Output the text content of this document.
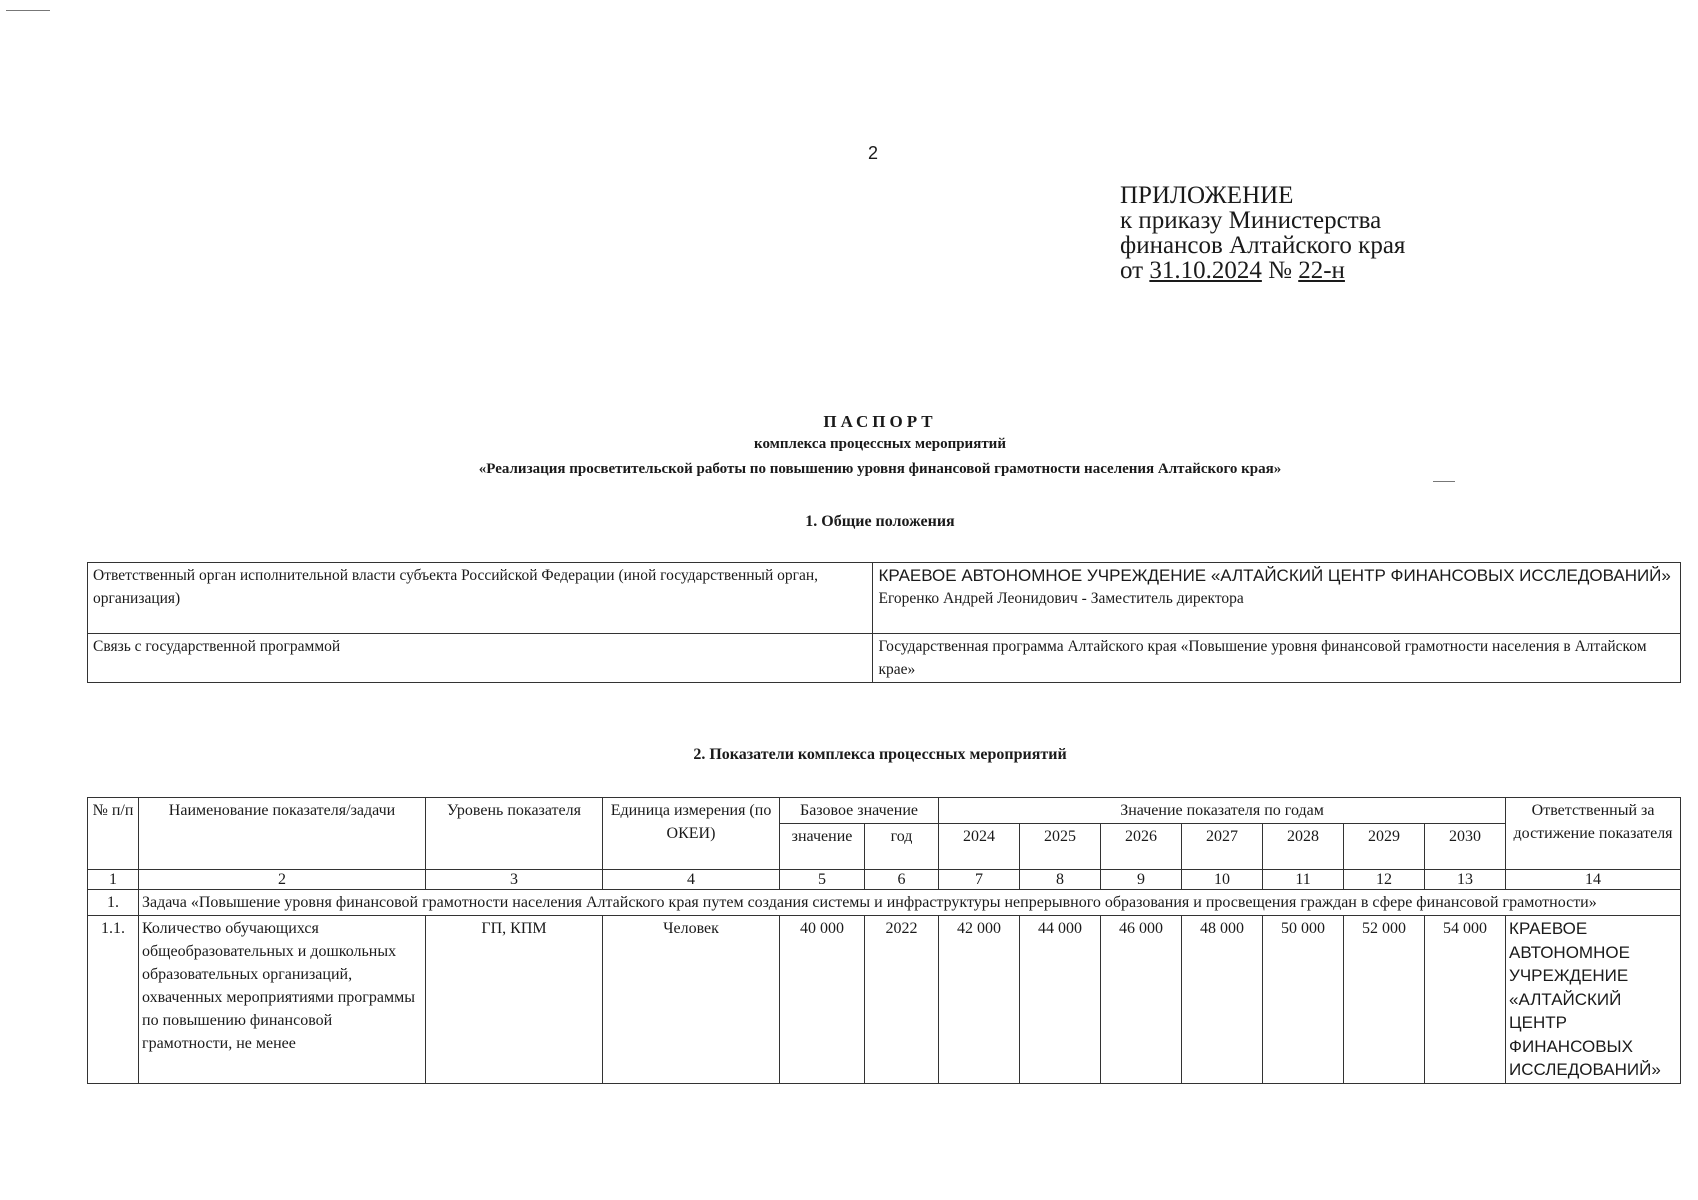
2
ПРИЛОЖЕНИЕ
к приказу Министерства
финансов Алтайского края
от 31.10.2024 № 22-н
ПАСПОРТ
комплекса процессных мероприятий
«Реализация просветительской работы по повышению уровня финансовой грамотности населения Алтайского края»
1. Общие положения
Ответственный орган исполнительной власти субъекта Российской Федерации (иной государственный орган, организация)	КРАЕВОЕ АВТОНОМНОЕ УЧРЕЖДЕНИЕ «АЛТАЙСКИЙ ЦЕНТР ФИНАНСОВЫХ ИССЛЕДОВАНИЙ»
Егоренко Андрей Леонидович - Заместитель директора

Связь с государственной программой	Государственная программа Алтайского края «Повышение уровня финансовой грамотности населения в Алтайском крае»
2. Показатели комплекса процессных мероприятий
№ п/п	Наименование показателя/задачи	Уровень показателя	Единица измерения (по ОКЕИ)	Базовое значение		Значение показателя по годам							Ответственный за достижение показателя
				значение	год	2024	2025	2026	2027	2028	2029	2030	
1	2	3	4	5	6	7	8	9	10	11	12	13	14
1.	Задача «Повышение уровня финансовой грамотности населения Алтайского края путем создания системы и инфраструктуры непрерывного образования и просвещения граждан в сфере финансовой грамотности»												
1.1.	Количество обучающихся общеобразовательных и дошкольных образовательных организаций, охваченных мероприятиями программы по повышению финансовой грамотности, не менее	ГП, КПМ	Человек	40 000	2022	42 000	44 000	46 000	48 000	50 000	52 000	54 000	КРАЕВОЕ АВТОНОМНОЕ УЧРЕЖДЕНИЕ «АЛТАЙСКИЙ ЦЕНТР ФИНАНСОВЫХ ИССЛЕДОВАНИЙ»
